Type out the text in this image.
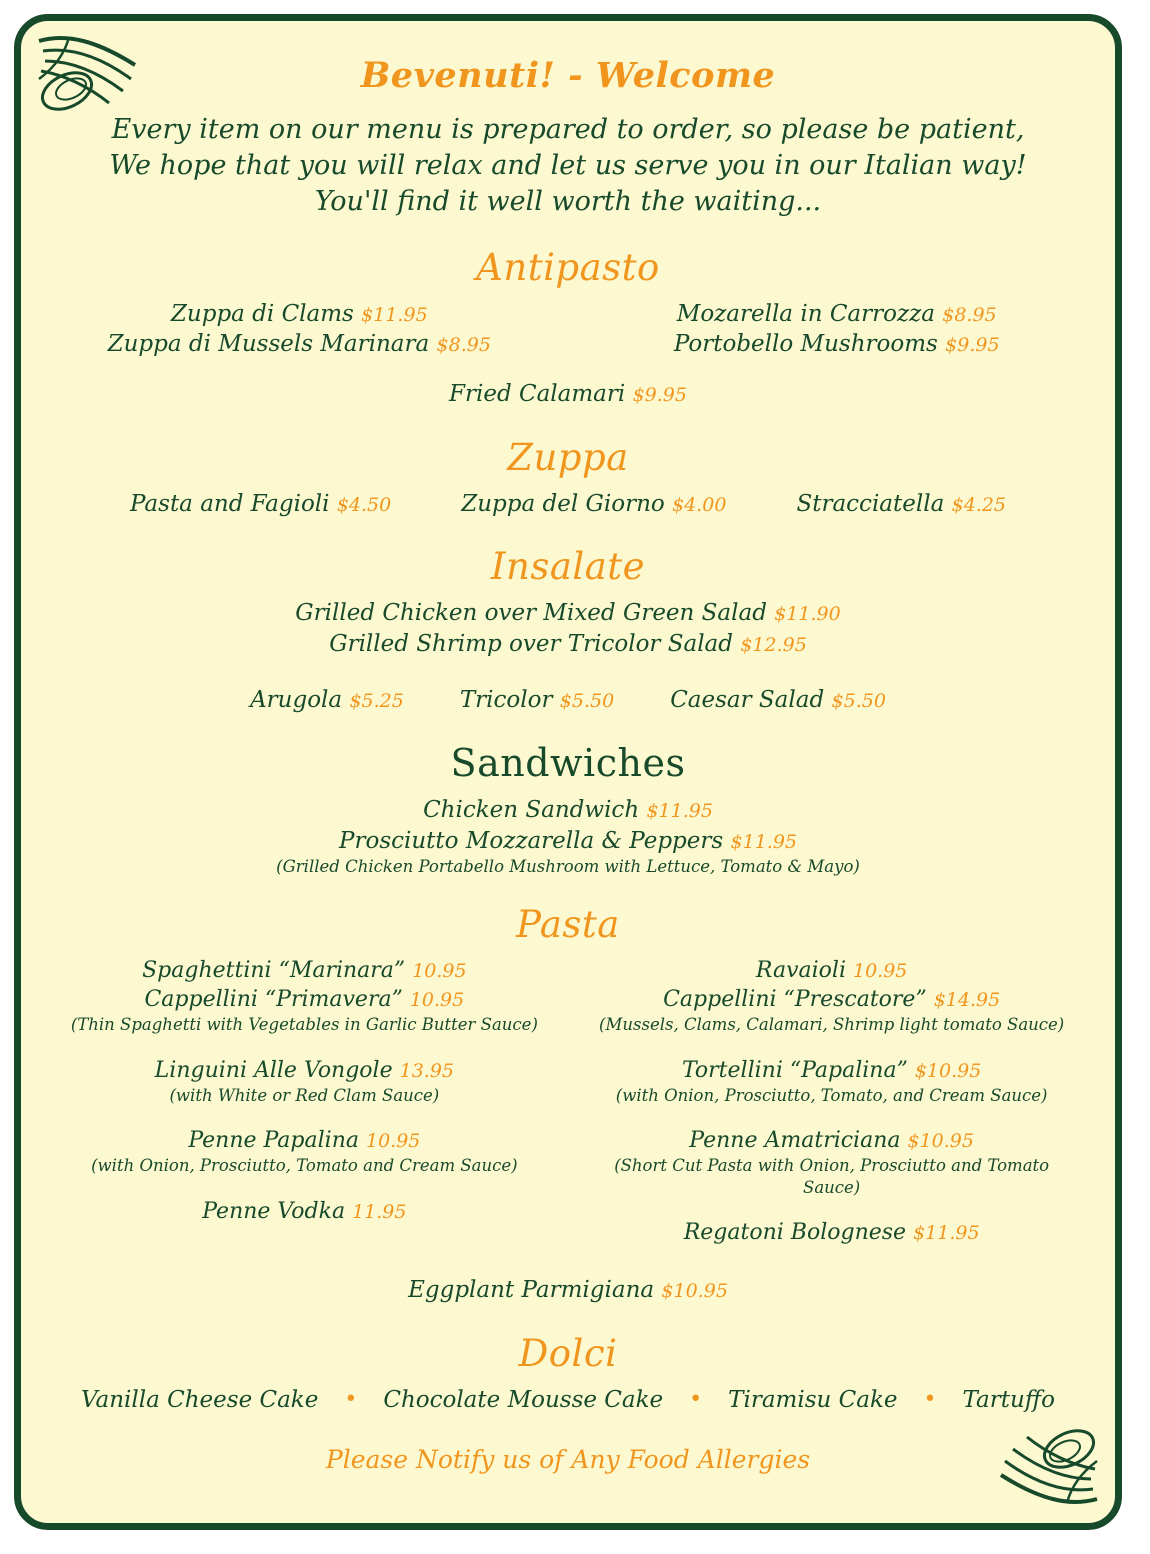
Bevenuti! - Welcome
Every item on our menu is prepared to order, so please be patient,
We hope that you will relax and let us serve you in our Italian way!
You'll find it well worth the waiting...
Antipasto
Zuppa di Clams $11.95
Zuppa di Mussels Marinara $8.95
Mozarella in Carrozza $8.95
Portobello Mushrooms $9.95
Fried Calamari $9.95
Zuppa
Pasta and Fagioli $4.50	Zuppa del Giorno $4.00	Stracciatella $4.25
Insalate
Grilled Chicken over Mixed Green Salad $11.90
Grilled Shrimp over Tricolor Salad $12.95
Arugola $5.25 Tricolor $5.50 Caesar Salad $5.50
Sandwiches
Chicken Sandwich $11.95
Prosciutto Mozzarella & Peppers $11.95
(Grilled Chicken Portabello Mushroom with Lettuce, Tomato & Mayo)
Pasta
Spaghettini “Marinara” 10.95
Cappellini “Primavera” 10.95
(Thin Spaghetti with Vegetables in Garlic Butter Sauce)
Linguini Alle Vongole 13.95
(with White or Red Clam Sauce)
Penne Papalina 10.95
(with Onion, Prosciutto, Tomato and Cream Sauce)
Penne Vodka 11.95
Ravaioli 10.95
Cappellini “Prescatore” $14.95
(Mussels, Clams, Calamari, Shrimp light tomato Sauce)
Tortellini “Papalina” $10.95
(with Onion, Prosciutto, Tomato, and Cream Sauce)
Penne Amatriciana $10.95
(Short Cut Pasta with Onion, Prosciutto and Tomato Sauce)
Regatoni Bolognese $11.95
Eggplant Parmigiana $10.95
Dolci
Vanilla Cheese Cake • Chocolate Mousse Cake • Tiramisu Cake • Tartuffo
Please Notify us of Any Food Allergies
